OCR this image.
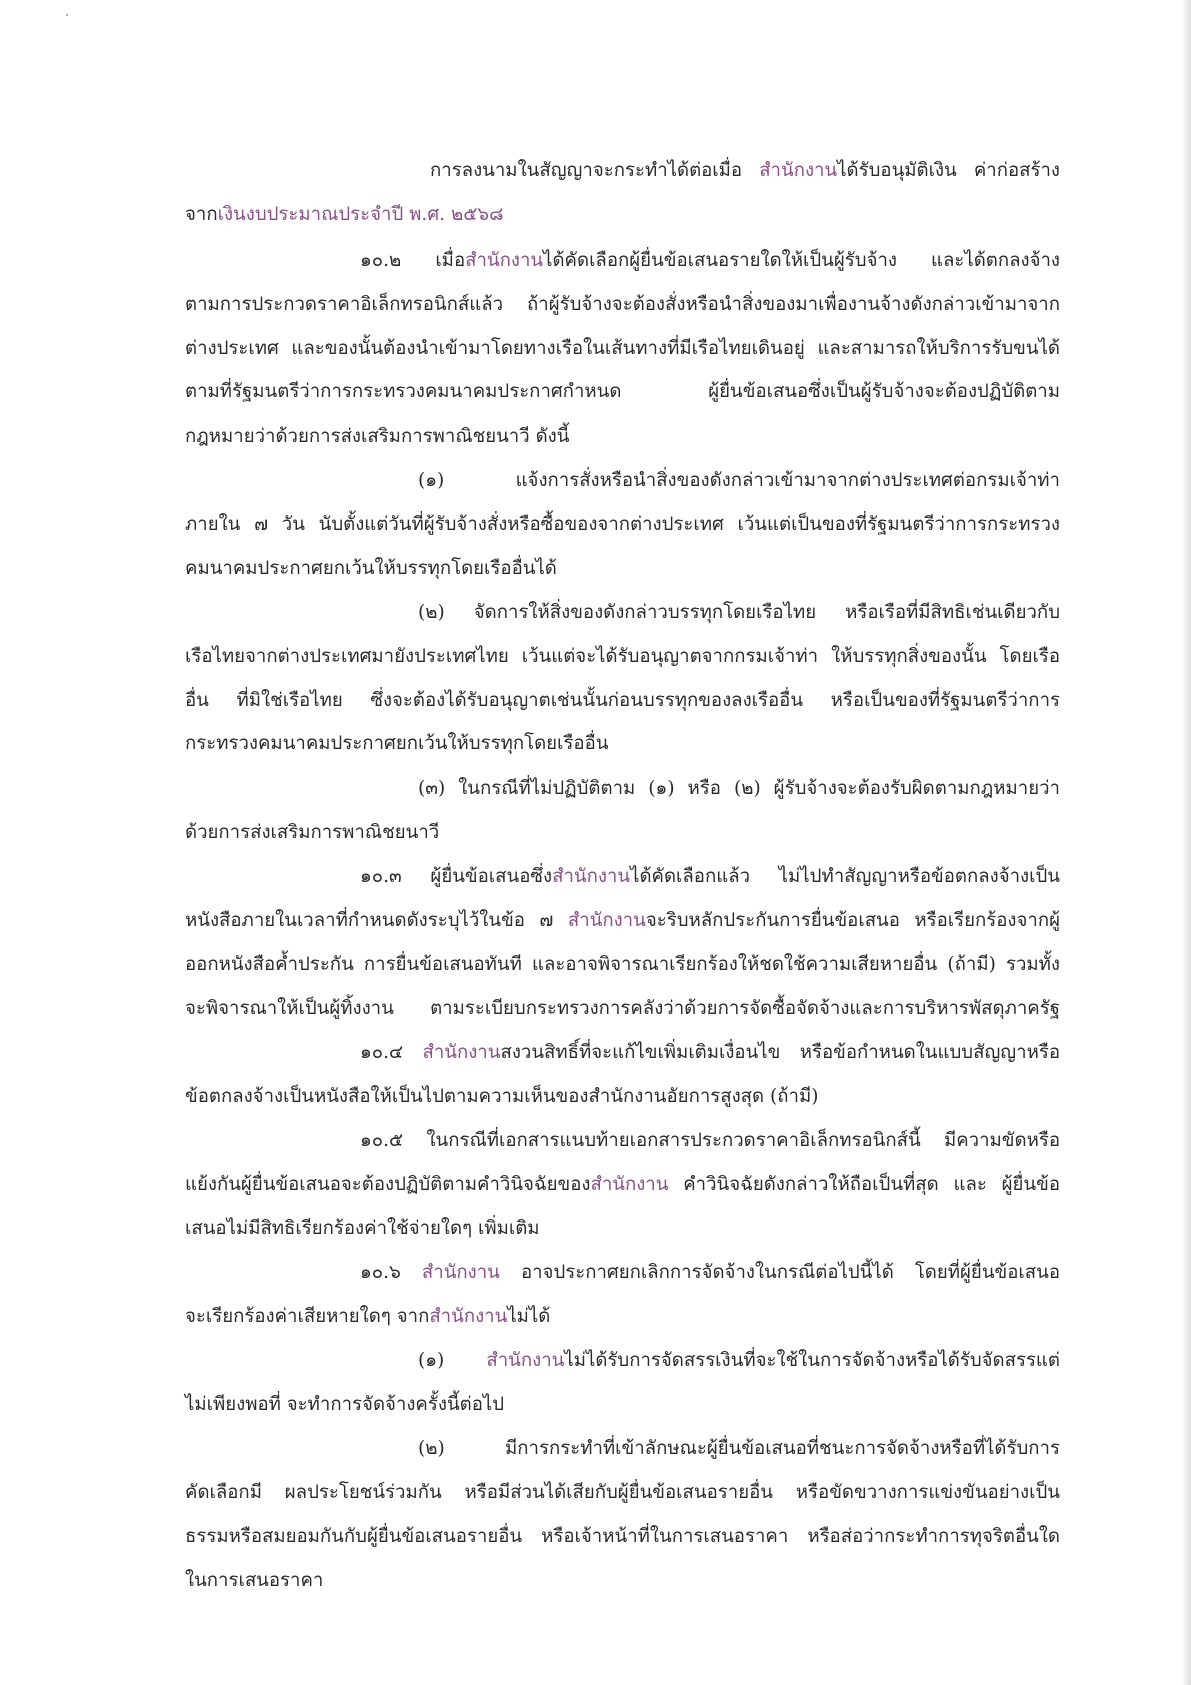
การลงนามในสัญญาจะกระทำได้ต่อเมื่อ สำนักงานได้รับอนุมัติเงิน ค่าก่อสร้าง
จากเงินงบประมาณประจำปี พ.ศ. ๒๕๖๘
๑๐.๒ เมื่อสำนักงานได้คัดเลือกผู้ยื่นข้อเสนอรายใดให้เป็นผู้รับจ้าง และได้ตกลงจ้าง
ตามการประกวดราคาอิเล็กทรอนิกส์แล้ว ถ้าผู้รับจ้างจะต้องสั่งหรือนำสิ่งของมาเพื่องานจ้างดังกล่าวเข้ามาจาก
ต่างประเทศ และของนั้นต้องนำเข้ามาโดยทางเรือในเส้นทางที่มีเรือไทยเดินอยู่ และสามารถให้บริการรับขนได้
ตามที่รัฐมนตรีว่าการกระทรวงคมนาคมประกาศกำหนด ผู้ยื่นข้อเสนอซึ่งเป็นผู้รับจ้างจะต้องปฏิบัติตาม
กฎหมายว่าด้วยการส่งเสริมการพาณิชยนาวี ดังนี้
(๑) แจ้งการสั่งหรือนำสิ่งของดังกล่าวเข้ามาจากต่างประเทศต่อกรมเจ้าท่า
ภายใน ๗ วัน นับตั้งแต่วันที่ผู้รับจ้างสั่งหรือซื้อของจากต่างประเทศ เว้นแต่เป็นของที่รัฐมนตรีว่าการกระทรวง
คมนาคมประกาศยกเว้นให้บรรทุกโดยเรืออื่นได้
(๒) จัดการให้สิ่งของดังกล่าวบรรทุกโดยเรือไทย หรือเรือที่มีสิทธิเช่นเดียวกับ
เรือไทยจากต่างประเทศมายังประเทศไทย เว้นแต่จะได้รับอนุญาตจากกรมเจ้าท่า ให้บรรทุกสิ่งของนั้น โดยเรือ
อื่น ที่มิใช่เรือไทย ซึ่งจะต้องได้รับอนุญาตเช่นนั้นก่อนบรรทุกของลงเรืออื่น หรือเป็นของที่รัฐมนตรีว่าการ
กระทรวงคมนาคมประกาศยกเว้นให้บรรทุกโดยเรืออื่น
(๓) ในกรณีที่ไม่ปฏิบัติตาม (๑) หรือ (๒) ผู้รับจ้างจะต้องรับผิดตามกฎหมายว่า
ด้วยการส่งเสริมการพาณิชยนาวี
๑๐.๓ ผู้ยื่นข้อเสนอซึ่งสำนักงานได้คัดเลือกแล้ว ไม่ไปทำสัญญาหรือข้อตกลงจ้างเป็น
หนังสือภายในเวลาที่กำหนดดังระบุไว้ในข้อ ๗ สำนักงานจะริบหลักประกันการยื่นข้อเสนอ หรือเรียกร้องจากผู้
ออกหนังสือค้ำประกัน การยื่นข้อเสนอทันที และอาจพิจารณาเรียกร้องให้ชดใช้ความเสียหายอื่น (ถ้ามี) รวมทั้ง
จะพิจารณาให้เป็นผู้ทิ้งงาน ตามระเบียบกระทรวงการคลังว่าด้วยการจัดซื้อจัดจ้างและการบริหารพัสดุภาครัฐ
๑๐.๔ สำนักงานสงวนสิทธิ์ที่จะแก้ไขเพิ่มเติมเงื่อนไข หรือข้อกำหนดในแบบสัญญาหรือ
ข้อตกลงจ้างเป็นหนังสือให้เป็นไปตามความเห็นของสำนักงานอัยการสูงสุด (ถ้ามี)
๑๐.๕ ในกรณีที่เอกสารแนบท้ายเอกสารประกวดราคาอิเล็กทรอนิกส์นี้ มีความขัดหรือ
แย้งกันผู้ยื่นข้อเสนอจะต้องปฏิบัติตามคำวินิจฉัยของสำนักงาน คำวินิจฉัยดังกล่าวให้ถือเป็นที่สุด และ ผู้ยื่นข้อ
เสนอไม่มีสิทธิเรียกร้องค่าใช้จ่ายใดๆ เพิ่มเติม
๑๐.๖ สำนักงาน อาจประกาศยกเลิกการจัดจ้างในกรณีต่อไปนี้ได้ โดยที่ผู้ยื่นข้อเสนอ
จะเรียกร้องค่าเสียหายใดๆ จากสำนักงานไม่ได้
(๑) สำนักงานไม่ได้รับการจัดสรรเงินที่จะใช้ในการจัดจ้างหรือได้รับจัดสรรแต่
ไม่เพียงพอที่ จะทำการจัดจ้างครั้งนี้ต่อไป
(๒) มีการกระทำที่เข้าลักษณะผู้ยื่นข้อเสนอที่ชนะการจัดจ้างหรือที่ได้รับการ
คัดเลือกมี ผลประโยชน์ร่วมกัน หรือมีส่วนได้เสียกับผู้ยื่นข้อเสนอรายอื่น หรือขัดขวางการแข่งขันอย่างเป็น
ธรรมหรือสมยอมกันกับผู้ยื่นข้อเสนอรายอื่น หรือเจ้าหน้าที่ในการเสนอราคา หรือส่อว่ากระทำการทุจริตอื่นใด
ในการเสนอราคา
